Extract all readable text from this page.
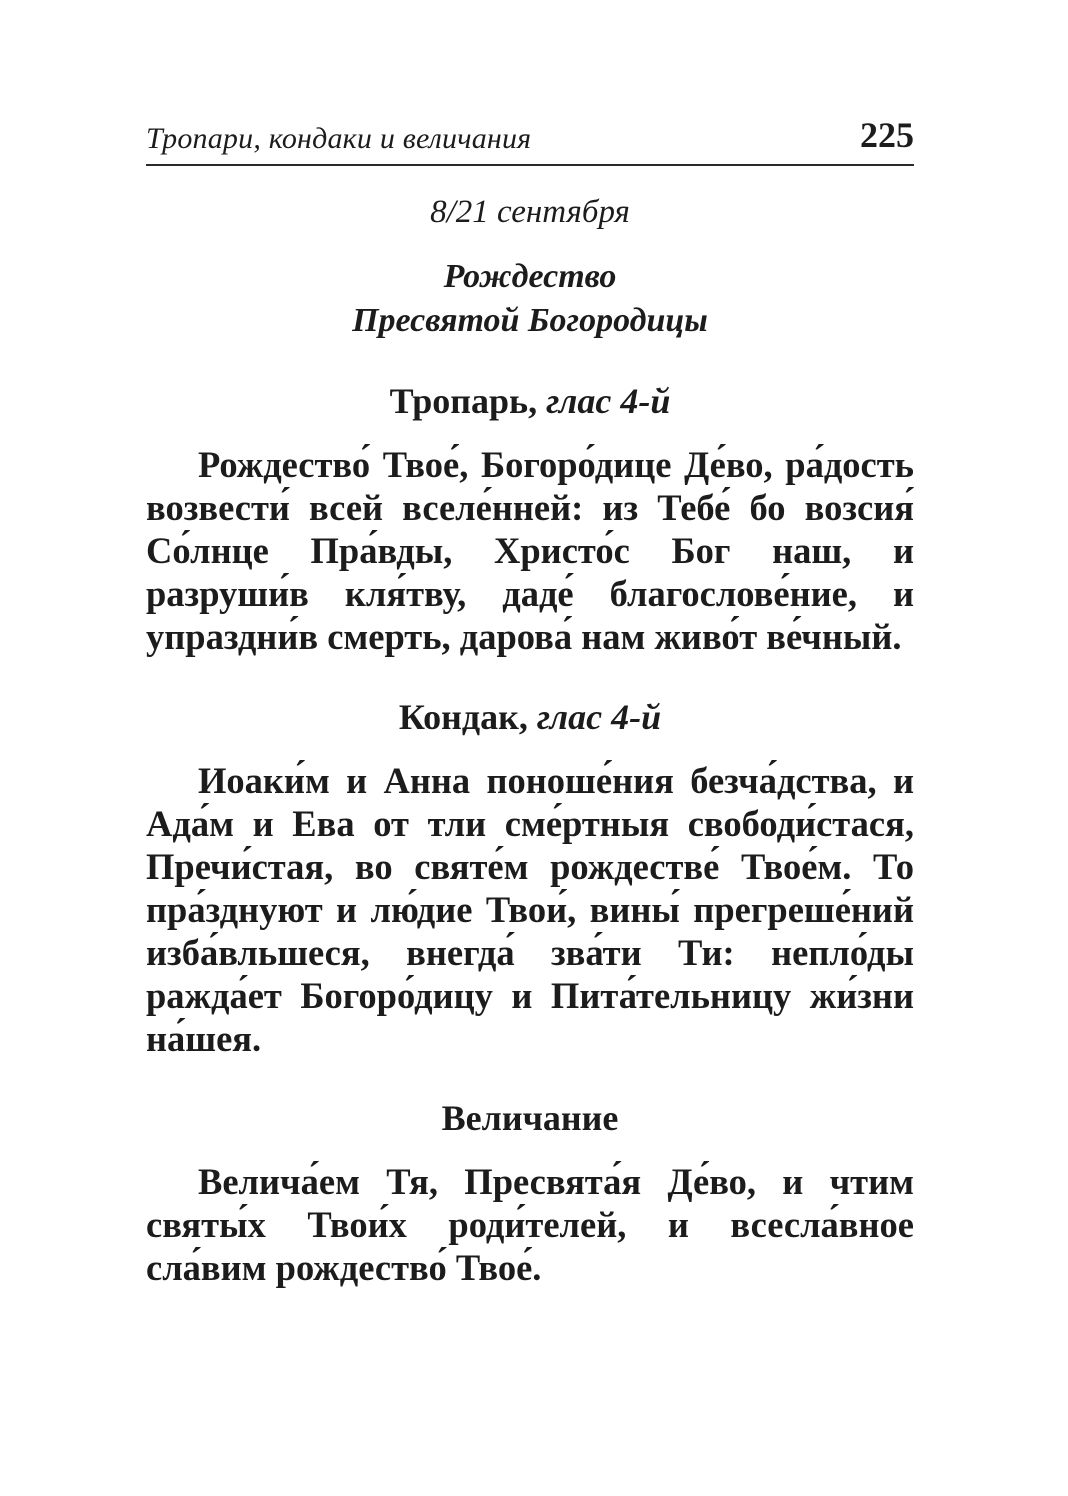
Тропари, кондаки и величания	225
8/21 сентября
Рождество
Пресвятой Богородицы
Тропарь, глас 4-й

Рождество́ Твое́, Богоро́дице Де́во, ра́дость возвести́ всей вселе́нней: из Тебе́ бо возсия́ Со́лнце Пра́вды, Христо́с Бог наш, и разруши́в кля́тву, даде́ благослове́ние, и упраздни́в смерть, дарова́ нам живо́т ве́чный.

Кондак, глас 4-й

Иоаки́м и Анна поноше́ния безча́дства, и Ада́м и Ева от тли сме́ртныя свободи́стася, Пречи́стая, во святе́м рождестве́ Твое́м. То пра́зднуют и лю́дие Твои́, вины́ прегреше́ний изба́вльшеся, внегда́ зва́ти Ти: непло́ды ражда́ет Богоро́дицу и Пита́тельницу жи́зни на́шея.

Величание

Велича́ем Тя, Пресвята́я Де́во, и чтим святы́х Твои́х роди́телей, и всесла́вное сла́вим рождество́ Твое́.
